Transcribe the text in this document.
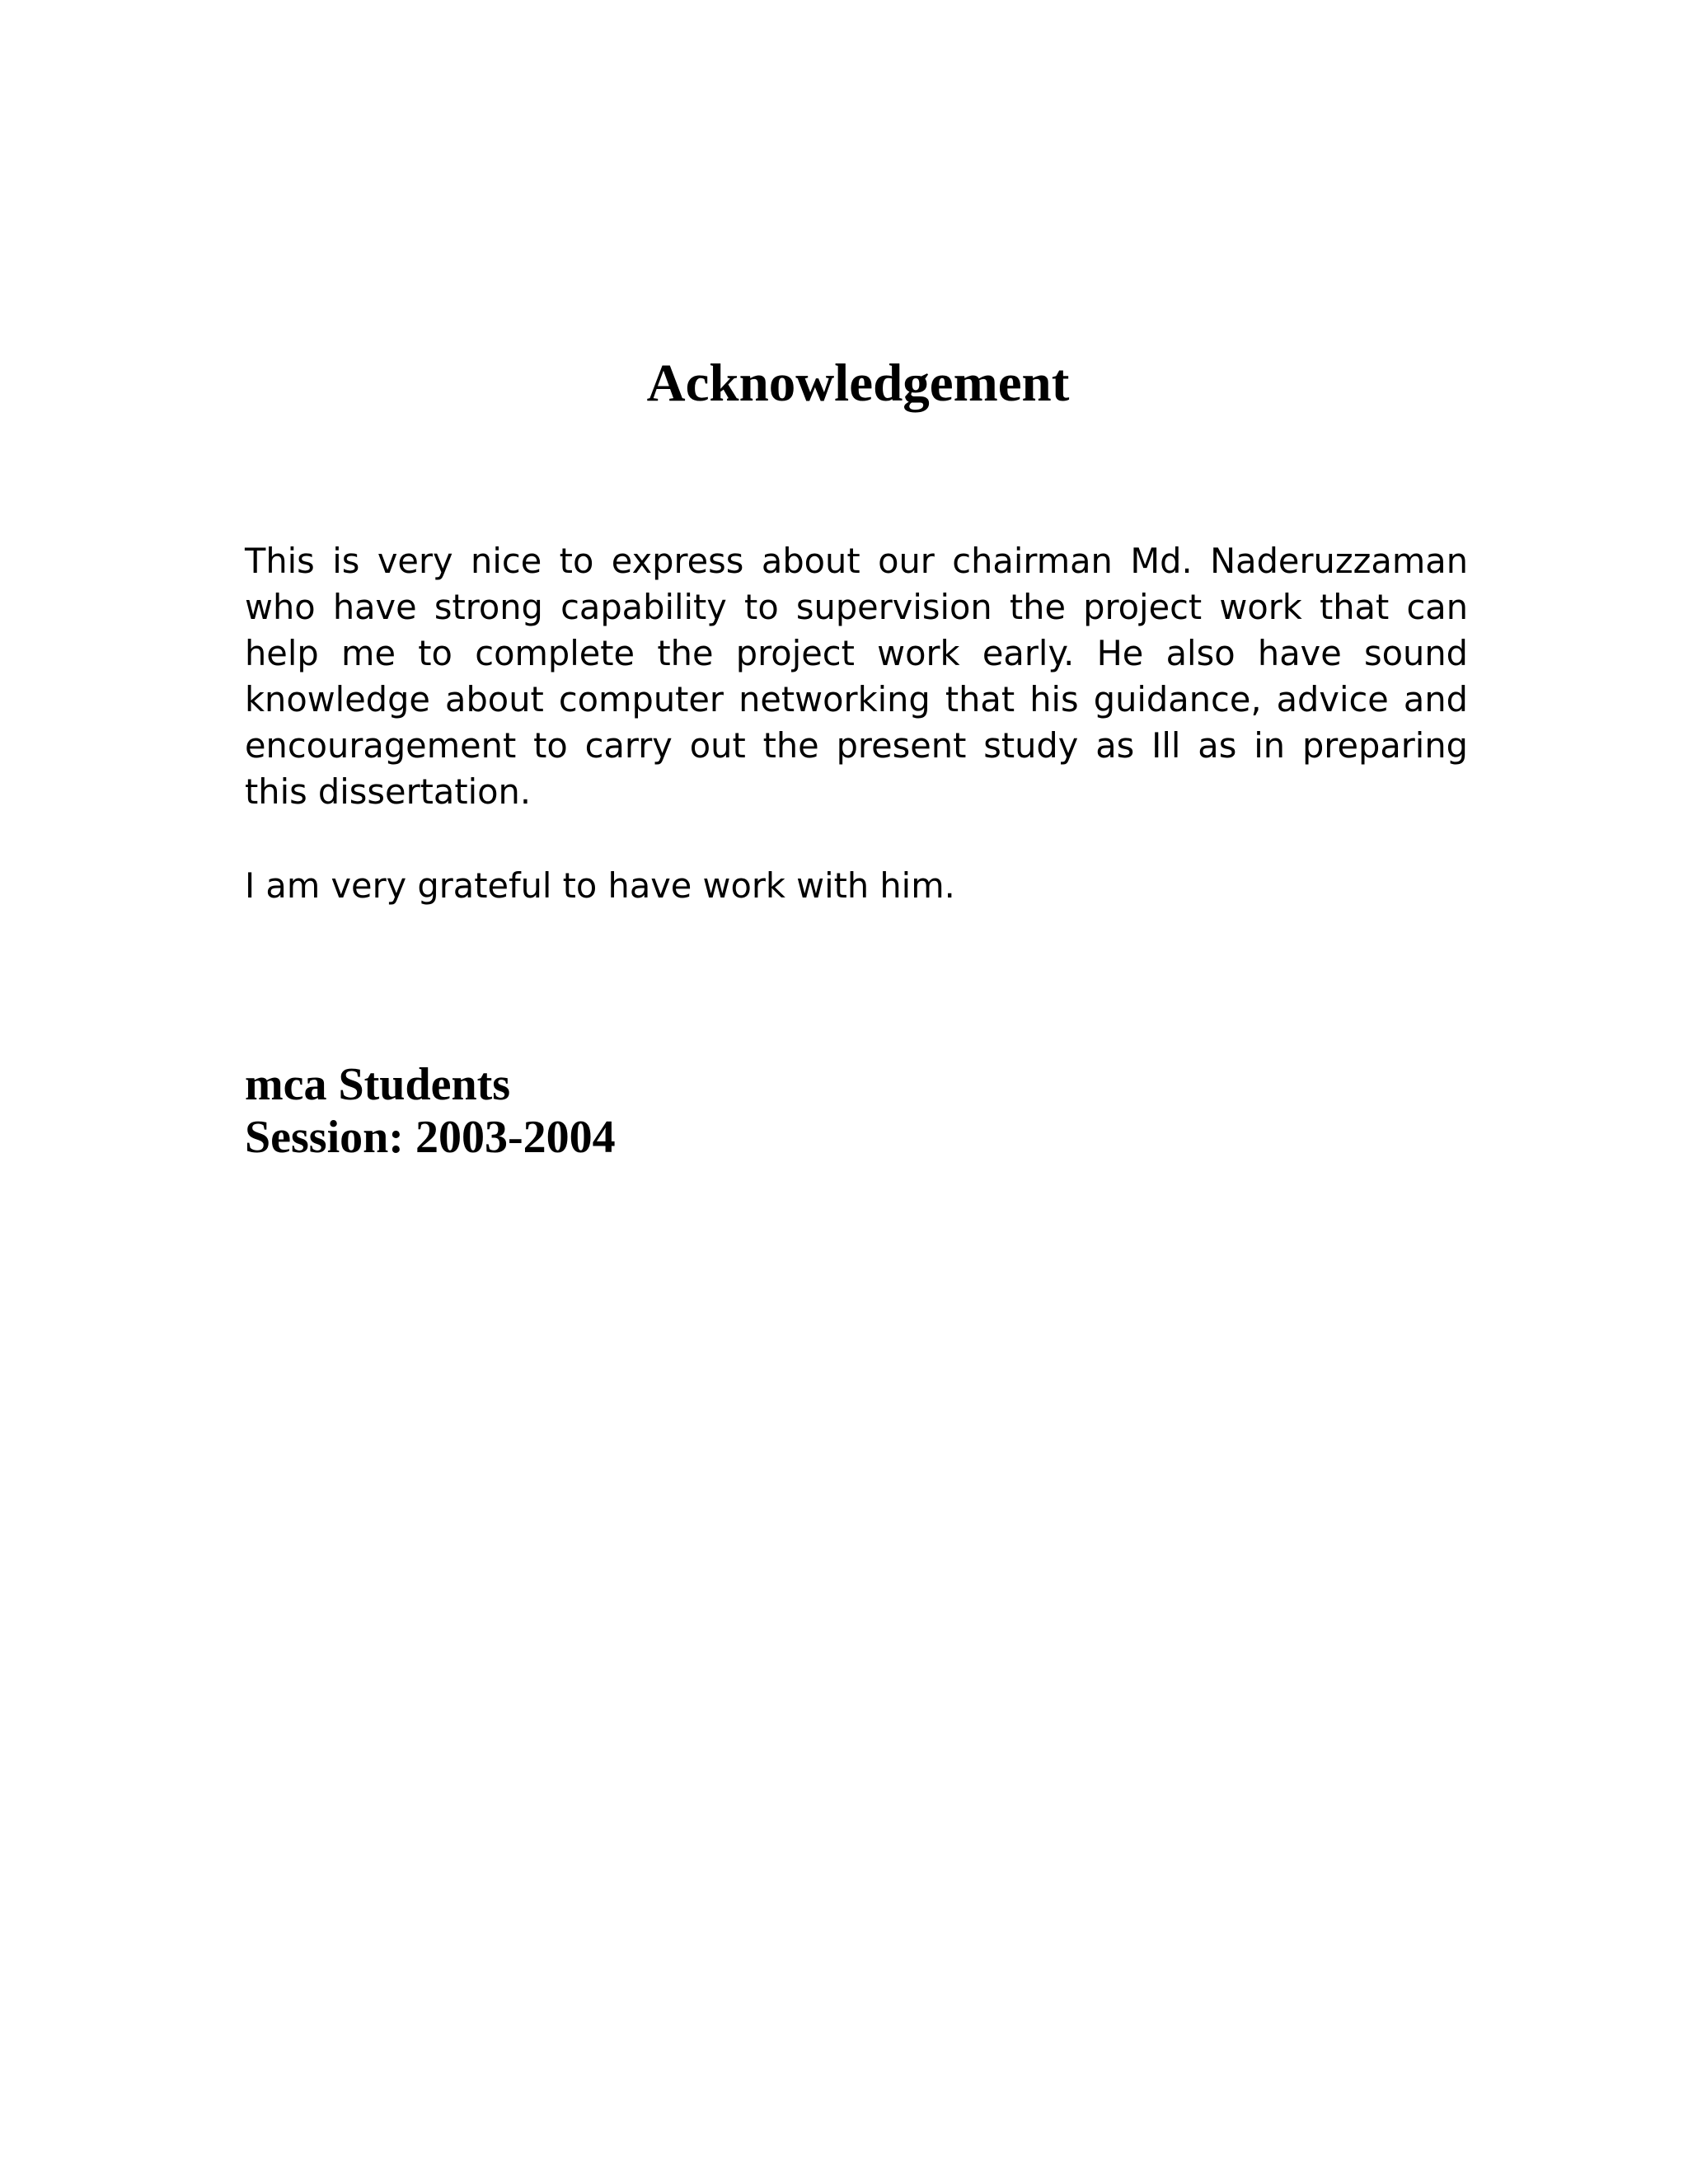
Acknowledgement

This is very nice to express about our chairman Md. Naderuzzaman who have strong capability to supervision the project work that can help me to complete the project work early. He also have sound knowledge about computer networking that his guidance, advice and encouragement to carry out the present study as Ill as in preparing this dissertation.

I am very grateful to have work with him.

mca Students
Session: 2003-2004
